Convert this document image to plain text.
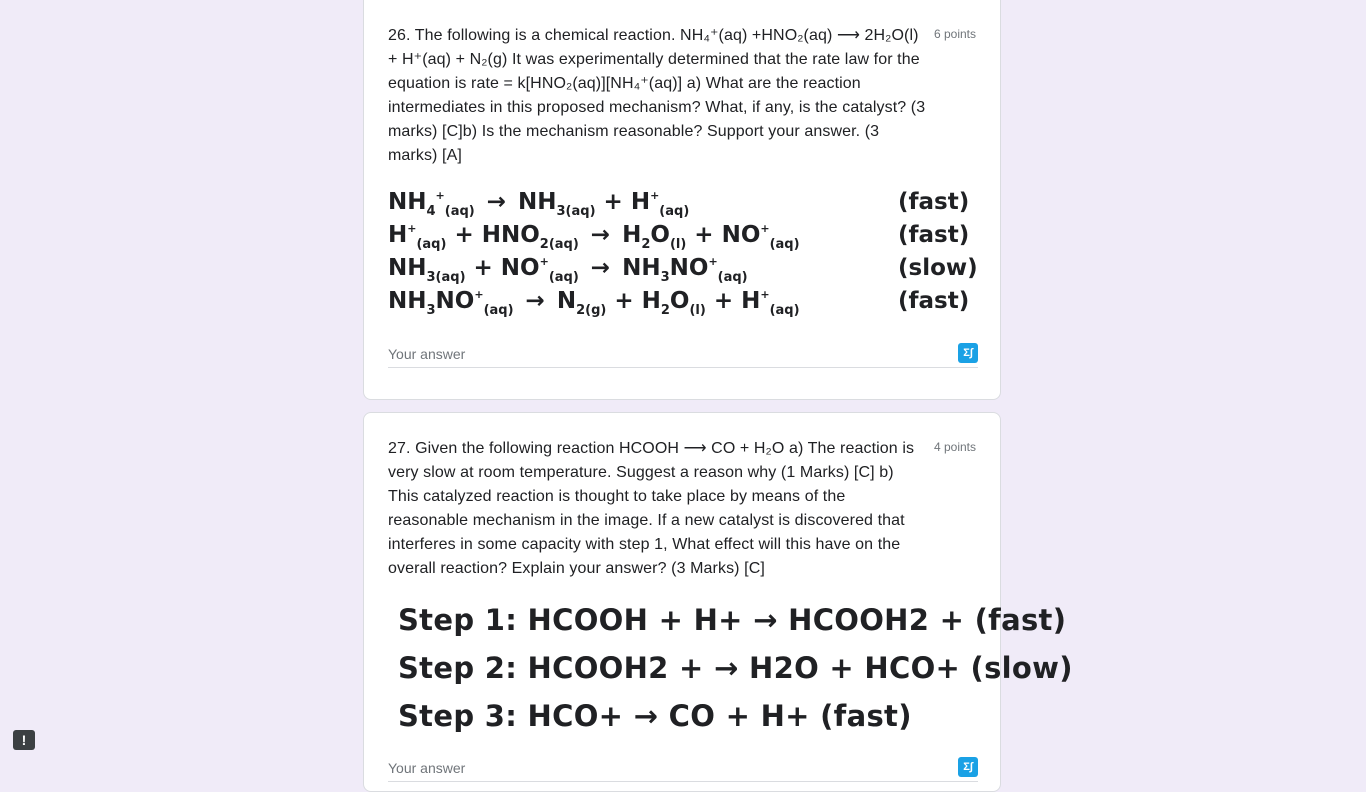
26. The following is a chemical reaction. NH₄⁺(aq) +HNO₂(aq) ⟶ 2H₂O(l) + H⁺(aq) + N₂(g) It was experimentally determined that the rate law for the equation is rate = k[HNO₂(aq)][NH₄⁺(aq)] a) What are the reaction intermediates in this proposed mechanism? What, if any, is the catalyst? (3 marks) [C]b) Is the mechanism reasonable? Support your answer. (3 marks) [A]
6 points
$NH_4^+_{(aq)} \to NH_{3(aq)} + H^+_{(aq)}$	(fast)
$H^+_{(aq)} + HNO_{2(aq)} \to H_2O_{(l)} + NO^+_{(aq)}$	(fast)
$NH_{3(aq)} + NO^+_{(aq)} \to NH_3NO^+_{(aq)}$	(slow)
$NH_3NO^+_{(aq)} \to N_{2(g)} + H_2O_{(l)} + H^+_{(aq)}$	(fast)
Your answer	Σ∫
27. Given the following reaction HCOOH ⟶ CO + H₂O a) The reaction is very slow at room temperature. Suggest a reason why (1 Marks) [C] b) This catalyzed reaction is thought to take place by means of the reasonable mechanism in the image. If a new catalyst is discovered that interferes in some capacity with step 1, What effect will this have on the overall reaction? Explain your answer? (3 Marks) [C]
4 points
Step 1: HCOOH + H+ → HCOOH2 + (fast)
Step 2: HCOOH2 + → H2O + HCO+ (slow)
Step 3: HCO+ → CO + H+ (fast)
Your answer	Σ∫
!
